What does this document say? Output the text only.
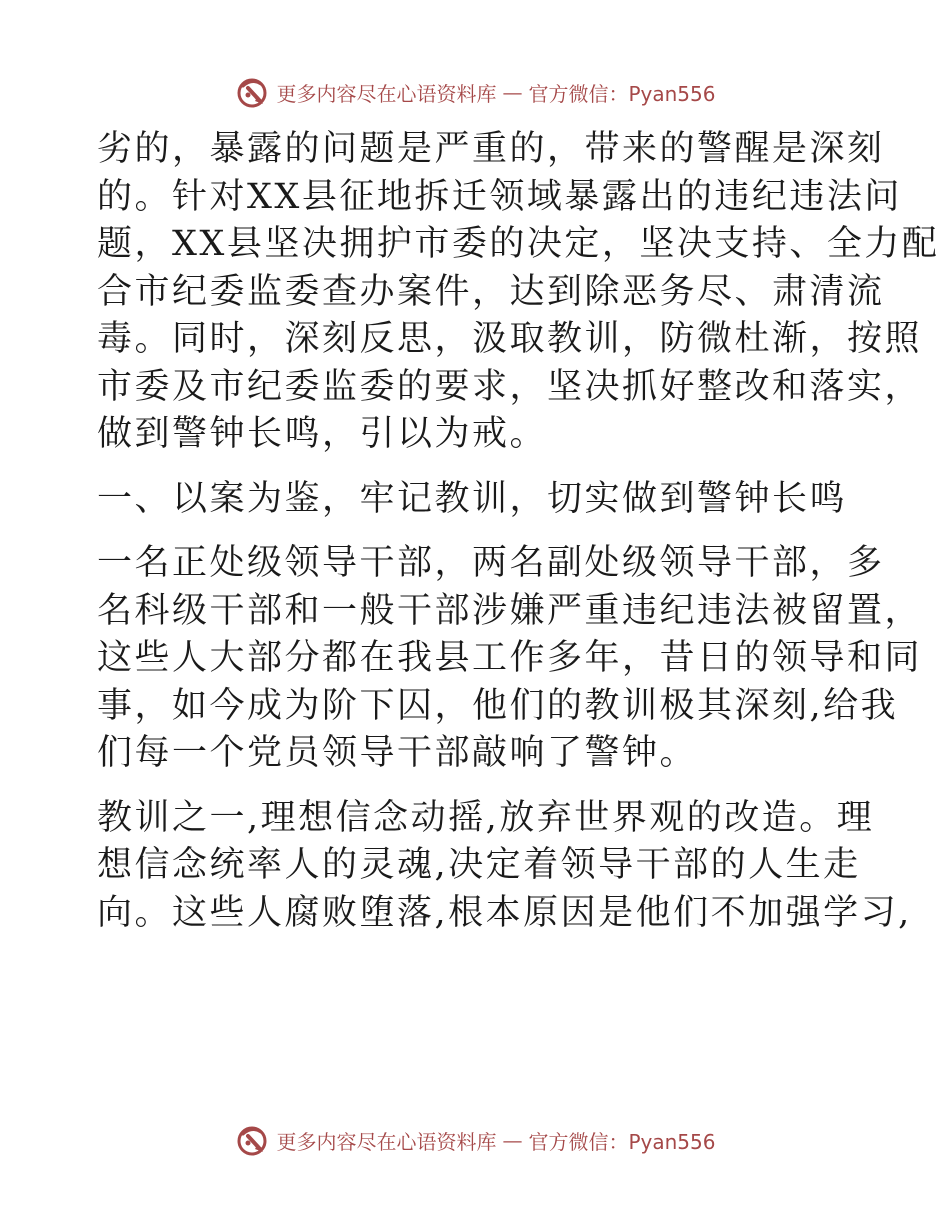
更多内容尽在心语资料库 — 官方微信：Pyan556
劣的，暴露的问题是严重的，带来的警醒是深刻
的。针对XX县征地拆迁领域暴露出的违纪违法问
题，XX县坚决拥护市委的决定，坚决支持、全力配
合市纪委监委查办案件，达到除恶务尽、肃清流
毒。同时，深刻反思，汲取教训，防微杜渐，按照
市委及市纪委监委的要求，坚决抓好整改和落实，
做到警钟长鸣，引以为戒。
一、以案为鉴，牢记教训，切实做到警钟长鸣
一名正处级领导干部，两名副处级领导干部，多
名科级干部和一般干部涉嫌严重违纪违法被留置，
这些人大部分都在我县工作多年，昔日的领导和同
事，如今成为阶下囚，他们的教训极其深刻,给我
们每一个党员领导干部敲响了警钟。
教训之一,理想信念动摇,放弃世界观的改造。理
想信念统率人的灵魂,决定着领导干部的人生走
向。这些人腐败堕落,根本原因是他们不加强学习,
更多内容尽在心语资料库 — 官方微信：Pyan556
